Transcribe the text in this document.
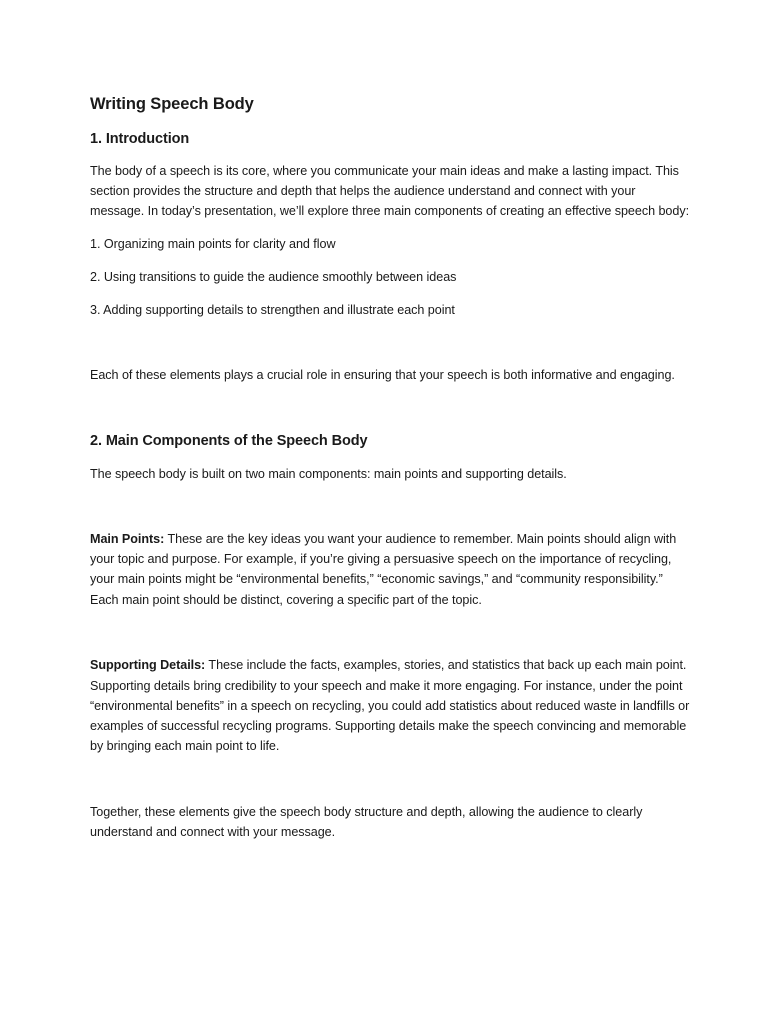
Writing Speech Body
1. Introduction

The body of a speech is its core, where you communicate your main ideas and make a lasting impact. This section provides the structure and depth that helps the audience understand and connect with your message. In today’s presentation, we’ll explore three main components of creating an effective speech body:

1. Organizing main points for clarity and flow

2. Using transitions to guide the audience smoothly between ideas

3. Adding supporting details to strengthen and illustrate each point

Each of these elements plays a crucial role in ensuring that your speech is both informative and engaging.

2. Main Components of the Speech Body

The speech body is built on two main components: main points and supporting details.

Main Points: These are the key ideas you want your audience to remember. Main points should align with your topic and purpose. For example, if you’re giving a persuasive speech on the importance of recycling, your main points might be “environmental benefits,” “economic savings,” and “community responsibility.” Each main point should be distinct, covering a specific part of the topic.

Supporting Details: These include the facts, examples, stories, and statistics that back up each main point. Supporting details bring credibility to your speech and make it more engaging. For instance, under the point “environmental benefits” in a speech on recycling, you could add statistics about reduced waste in landfills or examples of successful recycling programs. Supporting details make the speech convincing and memorable by bringing each main point to life.

Together, these elements give the speech body structure and depth, allowing the audience to clearly understand and connect with your message.
